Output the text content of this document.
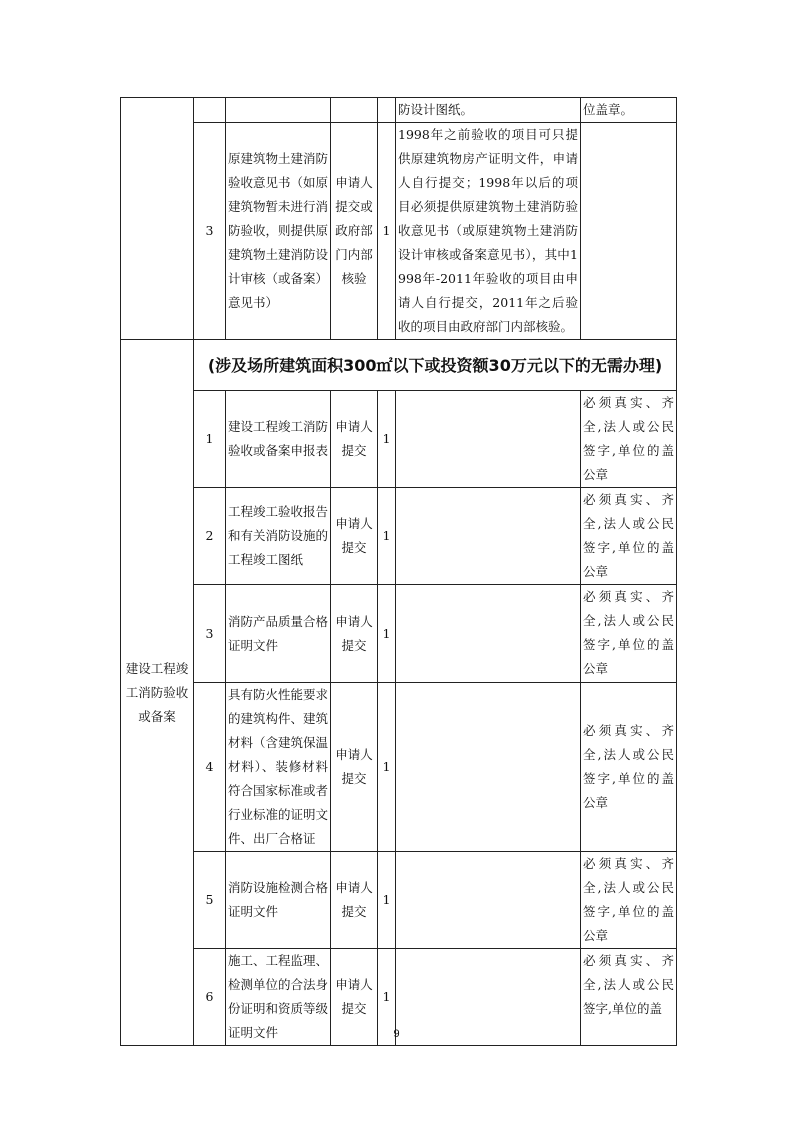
					防设计图纸。	位盖章。
	3	原建筑物土建消防验收意见书（如原建筑物暂未进行消防验收，则提供原建筑物土建消防设计审核（或备案）意见书）	申请人提交或政府部门内部核验	1	1998年之前验收的项目可只提供原建筑物房产证明文件，申请人自行提交；1998年以后的项目必须提供原建筑物土建消防验收意见书（或原建筑物土建消防设计审核或备案意见书），其中1998年-2011年验收的项目由申请人自行提交，2011年之后验收的项目由政府部门内部核验。	
建设工程竣工消防验收或备案	(涉及场所建筑面积300㎡以下或投资额30万元以下的无需办理)					
	1	建设工程竣工消防验收或备案申报表	申请人提交	1		必须真实、齐全,法人或公民签字,单位的盖公章
	2	工程竣工验收报告和有关消防设施的工程竣工图纸	申请人提交	1		必须真实、齐全,法人或公民签字,单位的盖公章
	3	消防产品质量合格证明文件	申请人提交	1		必须真实、齐全,法人或公民签字,单位的盖公章
	4	具有防火性能要求的建筑构件、建筑材料（含建筑保温材料）、装修材料符合国家标准或者行业标准的证明文件、出厂合格证	申请人提交	1		必须真实、齐全,法人或公民签字,单位的盖公章
	5	消防设施检测合格证明文件	申请人提交	1		必须真实、齐全,法人或公民签字,单位的盖公章
	6	施工、工程监理、检测单位的合法身份证明和资质等级证明文件	申请人提交	1		必须真实、齐全,法人或公民签字,单位的盖
9
